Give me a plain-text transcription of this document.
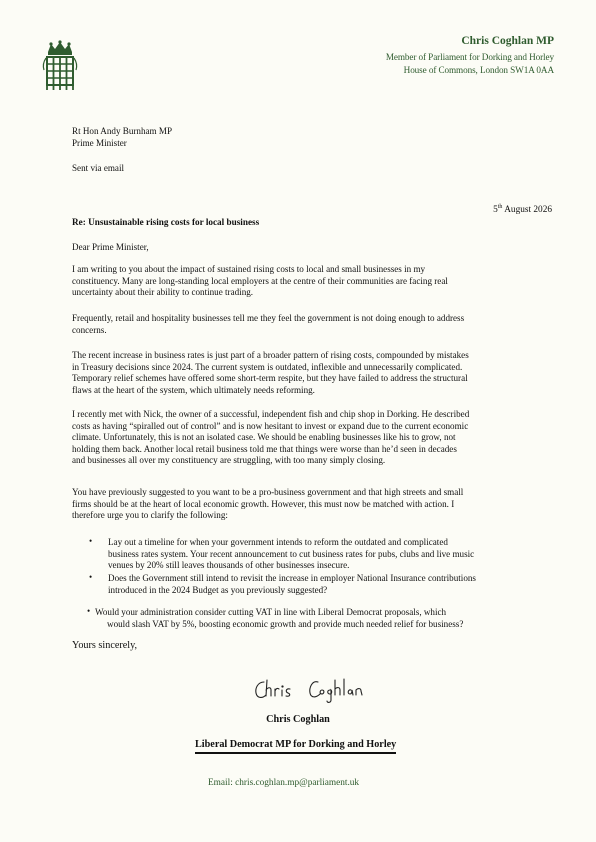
Chris Coghlan MP
Member of Parliament for Dorking and Horley
House of Commons, London SW1A 0AA
Rt Hon Andy Burnham MP
Prime Minister
Sent via email
5th August 2026
Re: Unsustainable rising costs for local business
Dear Prime Minister,
I am writing to you about the impact of sustained rising costs to local and small businesses in my
constituency. Many are long-standing local employers at the centre of their communities are facing real
uncertainty about their ability to continue trading.
Frequently, retail and hospitality businesses tell me they feel the government is not doing enough to address
concerns.
The recent increase in business rates is just part of a broader pattern of rising costs, compounded by mistakes
in Treasury decisions since 2024. The current system is outdated, inflexible and unnecessarily complicated.
Temporary relief schemes have offered some short-term respite, but they have failed to address the structural
flaws at the heart of the system, which ultimately needs reforming.
I recently met with Nick, the owner of a successful, independent fish and chip shop in Dorking. He described
costs as having “spiralled out of control” and is now hesitant to invest or expand due to the current economic
climate. Unfortunately, this is not an isolated case. We should be enabling businesses like his to grow, not
holding them back. Another local retail business told me that things were worse than he’d seen in decades
and businesses all over my constituency are struggling, with too many simply closing.
You have previously suggested to you want to be a pro-business government and that high streets and small
firms should be at the heart of local economic growth. However, this must now be matched with action. I
therefore urge you to clarify the following:
• Lay out a timeline for when your government intends to reform the outdated and complicated
business rates system. Your recent announcement to cut business rates for pubs, clubs and live music
venues by 20% still leaves thousands of other businesses insecure.
• Does the Government still intend to revisit the increase in employer National Insurance contributions
introduced in the 2024 Budget as you previously suggested?
• Would your administration consider cutting VAT in line with Liberal Democrat proposals, which
would slash VAT by 5%, boosting economic growth and provide much needed relief for business?
Yours sincerely,
Chris Coghlan
Liberal Democrat MP for Dorking and Horley
Email: chris.coghlan.mp@parliament.uk
